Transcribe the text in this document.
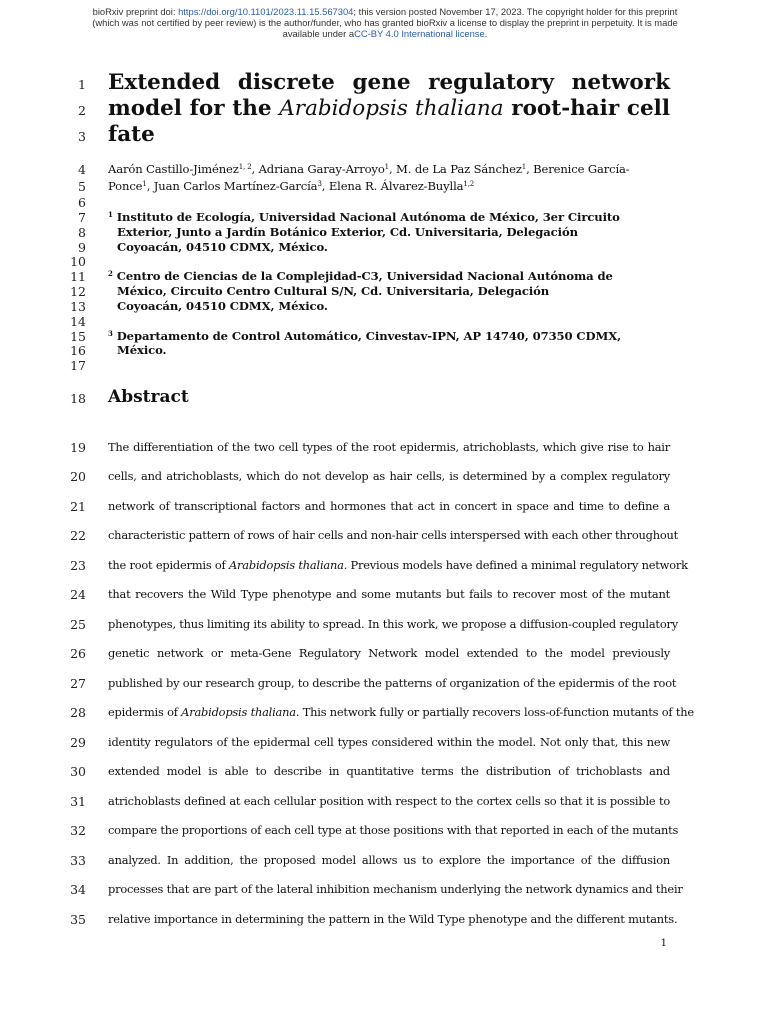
bioRxiv preprint doi: https://doi.org/10.1101/2023.11.15.567304; this version posted November 17, 2023. The copyright holder for this preprint
(which was not certified by peer review) is the author/funder, who has granted bioRxiv a license to display the preprint in perpetuity. It is made
available under aCC-BY 4.0 International license.
1
2
3
4
5
6
7
8
9
10
11
12
13
14
15
16
17
18
19
20
21
22
23
24
25
26
27
28
29
30
31
32
33
34
35
Extended discrete gene regulatory network
model for the Arabidopsis thaliana root-hair cell
fate
Aarón Castillo-Jiménez$^{1, 2}$, Adriana Garay-Arroyo$^1$, M. de La Paz Sánchez$^1$, Berenice García-
Ponce$^1$, Juan Carlos Martínez-García$^3$, Elena R. Álvarez-Buylla$^{1,2}$
$^1$ Instituto de Ecología, Universidad Nacional Autónoma de México, 3er Circuito
Exterior, Junto a Jardín Botánico Exterior, Cd. Universitaria, Delegación
Coyoacán, 04510 CDMX, México.
$^2$ Centro de Ciencias de la Complejidad-C3, Universidad Nacional Autónoma de
México, Circuito Centro Cultural S/N, Cd. Universitaria, Delegación
Coyoacán, 04510 CDMX, México.
$^3$ Departamento de Control Automático, Cinvestav-IPN, AP 14740, 07350 CDMX,
México.
Abstract
The differentiation of the two cell types of the root epidermis, atrichoblasts, which give rise to hair
cells, and atrichoblasts, which do not develop as hair cells, is determined by a complex regulatory
network of transcriptional factors and hormones that act in concert in space and time to define a
characteristic pattern of rows of hair cells and non-hair cells interspersed with each other throughout
the root epidermis of Arabidopsis thaliana. Previous models have defined a minimal regulatory network
that recovers the Wild Type phenotype and some mutants but fails to recover most of the mutant
phenotypes, thus limiting its ability to spread. In this work, we propose a diffusion-coupled regulatory
genetic network or meta-Gene Regulatory Network model extended to the model previously
published by our research group, to describe the patterns of organization of the epidermis of the root
epidermis of Arabidopsis thaliana. This network fully or partially recovers loss-of-function mutants of the
identity regulators of the epidermal cell types considered within the model. Not only that, this new
extended model is able to describe in quantitative terms the distribution of trichoblasts and
atrichoblasts defined at each cellular position with respect to the cortex cells so that it is possible to
compare the proportions of each cell type at those positions with that reported in each of the mutants
analyzed. In addition, the proposed model allows us to explore the importance of the diffusion
processes that are part of the lateral inhibition mechanism underlying the network dynamics and their
relative importance in determining the pattern in the Wild Type phenotype and the different mutants.
1
